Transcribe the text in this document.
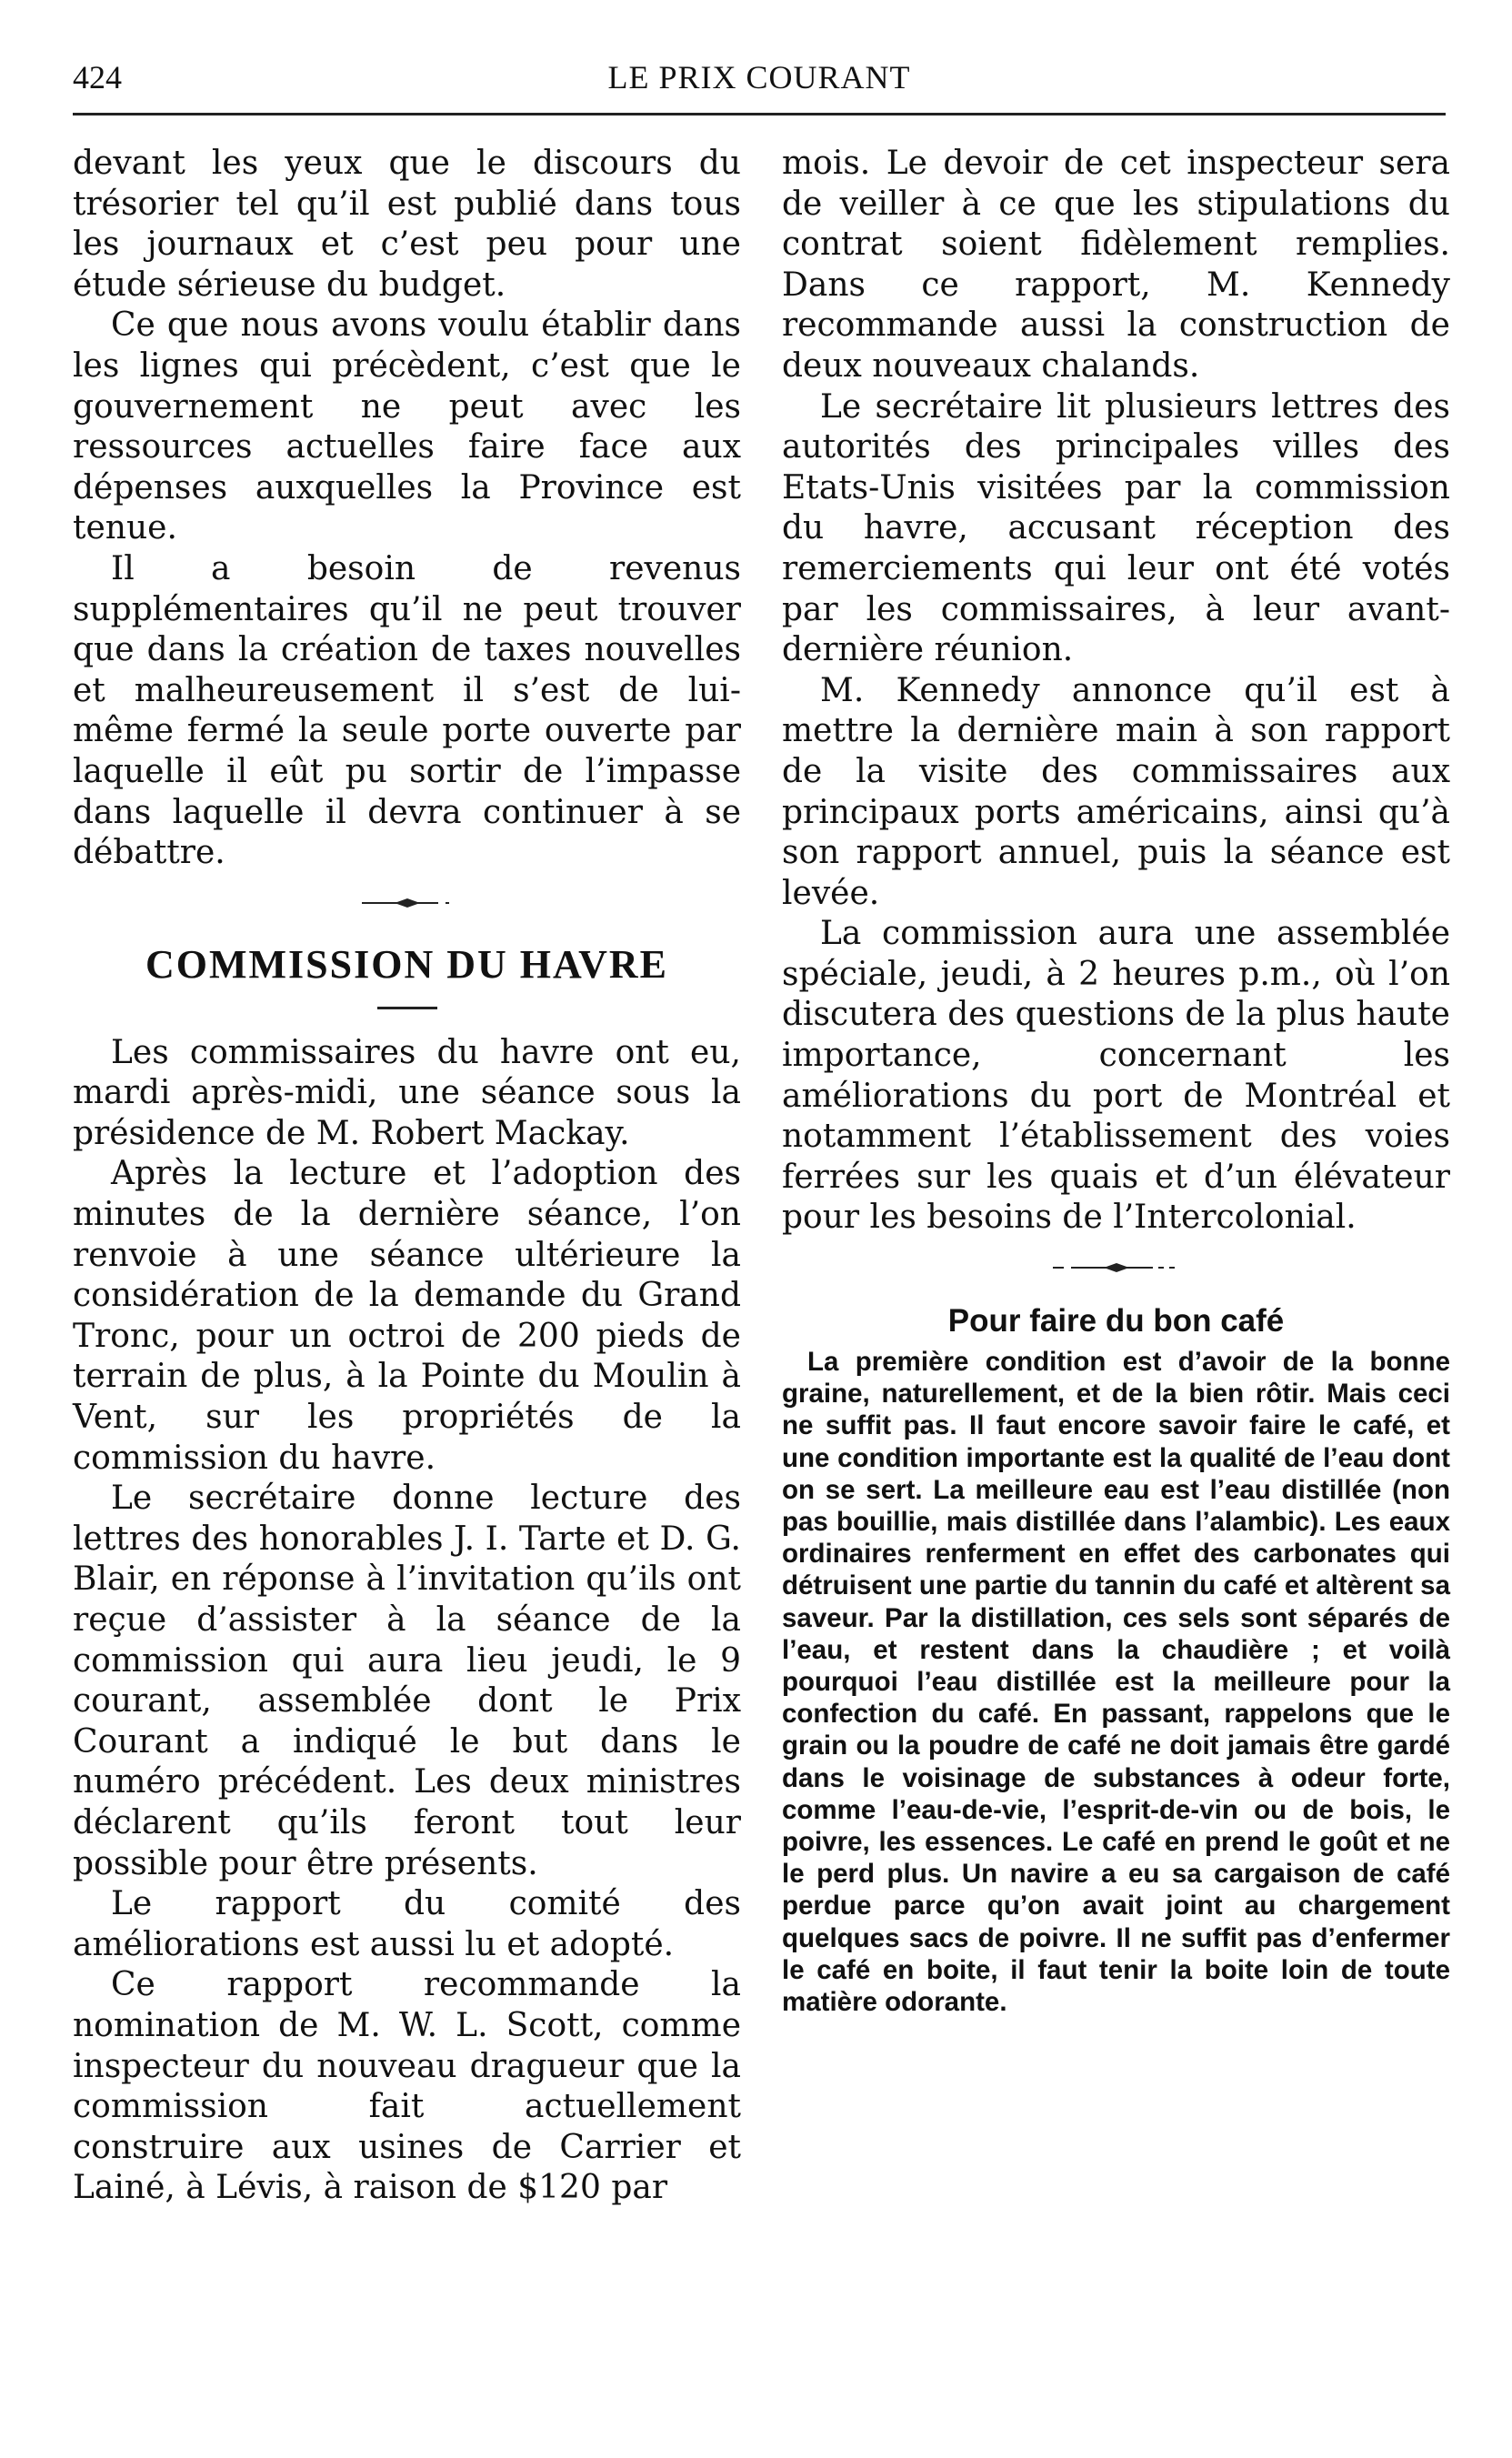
424	LE PRIX COURANT

devant les yeux que le discours du trésorier tel qu’il est publié dans tous les journaux et c’est peu pour une étude sérieuse du budget.

Ce que nous avons voulu établir dans les lignes qui précèdent, c’est que le gouvernement ne peut avec les ressources actuelles faire face aux dépenses auxquelles la Province est tenue.

Il a besoin de revenus supplémentaires qu’il ne peut trouver que dans la création de taxes nouvelles et malheureusement il s’est de lui-même fermé la seule porte ouverte par laquelle il eût pu sortir de l’impasse dans laquelle il devra continuer à se débattre.

COMMISSION DU HAVRE

Les commissaires du havre ont eu, mardi après-midi, une séance sous la présidence de M. Robert Mackay.

Après la lecture et l’adoption des minutes de la dernière séance, l’on renvoie à une séance ultérieure la considération de la demande du Grand Tronc, pour un octroi de 200 pieds de terrain de plus, à la Pointe du Moulin à Vent, sur les propriétés de la commission du havre.

Le secrétaire donne lecture des lettres des honorables J. I. Tarte et D. G. Blair, en réponse à l’invitation qu’ils ont reçue d’assister à la séance de la commission qui aura lieu jeudi, le 9 courant, assemblée dont le Prix Courant a indiqué le but dans le numéro précédent. Les deux ministres déclarent qu’ils feront tout leur possible pour être présents.

Le rapport du comité des améliorations est aussi lu et adopté.

Ce rapport recommande la nomination de M. W. L. Scott, comme inspecteur du nouveau dragueur que la commission fait actuellement construire aux usines de Carrier et Lainé, à Lévis, à raison de $120 par

mois. Le devoir de cet inspecteur sera de veiller à ce que les stipulations du contrat soient fidèlement remplies. Dans ce rapport, M. Kennedy recommande aussi la construction de deux nouveaux chalands.

Le secrétaire lit plusieurs lettres des autorités des principales villes des Etats-Unis visitées par la commission du havre, accusant réception des remerciements qui leur ont été votés par les commissaires, à leur avant-dernière réunion.

M. Kennedy annonce qu’il est à mettre la dernière main à son rapport de la visite des commissaires aux principaux ports américains, ainsi qu’à son rapport annuel, puis la séance est levée.

La commission aura une assemblée spéciale, jeudi, à 2 heures p.m., où l’on discutera des questions de la plus haute importance, concernant les améliorations du port de Montréal et notamment l’établissement des voies ferrées sur les quais et d’un élévateur pour les besoins de l’Intercolonial.

Pour faire du bon café

La première condition est d’avoir de la bonne graine, naturellement, et de la bien rôtir. Mais ceci ne suffit pas. Il faut encore savoir faire le café, et une condition importante est la qualité de l’eau dont on se sert. La meilleure eau est l’eau distillée (non pas bouillie, mais distillée dans l’alambic). Les eaux ordinaires renferment en effet des carbonates qui détruisent une partie du tannin du café et altèrent sa saveur. Par la distillation, ces sels sont séparés de l’eau, et restent dans la chaudière ; et voilà pourquoi l’eau distillée est la meilleure pour la confection du café. En passant, rappelons que le grain ou la poudre de café ne doit jamais être gardé dans le voisinage de substances à odeur forte, comme l’eau-de-vie, l’esprit-de-vin ou de bois, le poivre, les essences. Le café en prend le goût et ne le perd plus. Un navire a eu sa cargaison de café perdue parce qu’on avait joint au chargement quelques sacs de poivre. Il ne suffit pas d’enfermer le café en boite, il faut tenir la boite loin de toute matière odorante.
